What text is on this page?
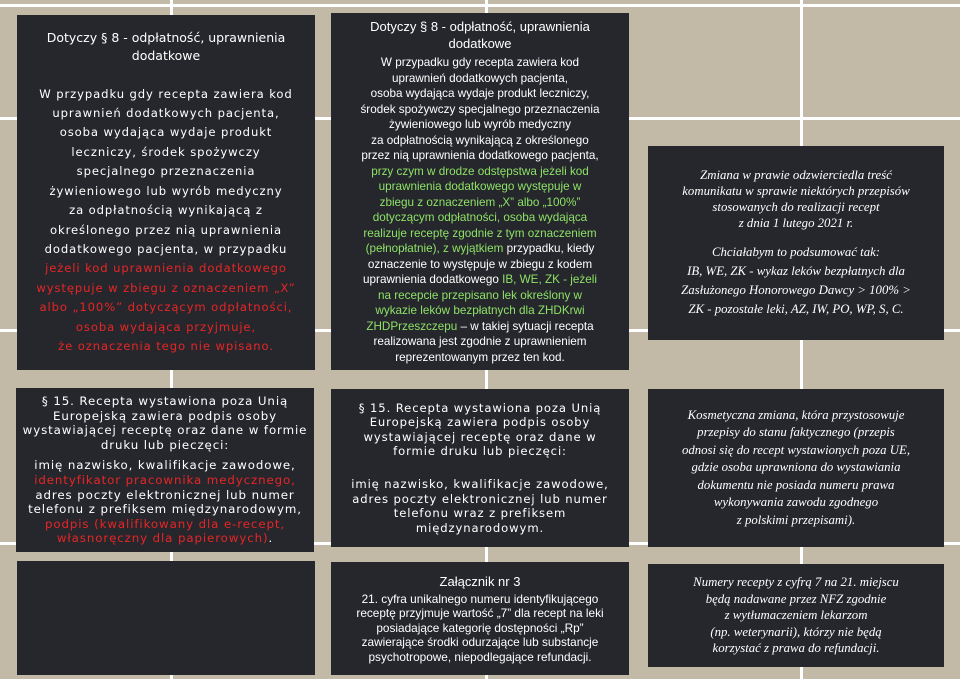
Dotyczy § 8 - odpłatność, uprawnienia
dodatkowe
W przypadku gdy recepta zawiera kod
uprawnień dodatkowych pacjenta,
osoba wydająca wydaje produkt
leczniczy, środek spożywczy
specjalnego przeznaczenia
żywieniowego lub wyrób medyczny
za odpłatnością wynikającą z
określonego przez nią uprawnienia
dodatkowego pacjenta, w przypadku
jeżeli kod uprawnienia dodatkowego
występuje w zbiegu z oznaczeniem „X”
albo „100%” dotyczącym odpłatności,
osoba wydająca przyjmuje,
że oznaczenia tego nie wpisano.
Dotyczy § 8 - odpłatność, uprawnienia
dodatkowe
W przypadku gdy recepta zawiera kod
uprawnień dodatkowych pacjenta,
osoba wydająca wydaje produkt leczniczy,
środek spożywczy specjalnego przeznaczenia
żywieniowego lub wyrób medyczny
za odpłatnością wynikającą z określonego
przez nią uprawnienia dodatkowego pacjenta,
przy czym w drodze odstępstwa jeżeli kod
uprawnienia dodatkowego występuje w
zbiegu z oznaczeniem „X” albo „100%”
dotyczącym odpłatności, osoba wydająca
realizuje receptę zgodnie z tym oznaczeniem
(pełnopłatnie), z wyjątkiem przypadku, kiedy
oznaczenie to występuje w zbiegu z kodem
uprawnienia dodatkowego IB, WE, ZK - jeżeli
na recepcie przepisano lek określony w
wykazie leków bezpłatnych dla ZHDKrwi
ZHDPrzeszczepu – w takiej sytuacji recepta
realizowana jest zgodnie z uprawnieniem
reprezentowanym przez ten kod.
Zmiana w prawie odzwierciedla treść
komunikatu w sprawie niektórych przepisów
stosowanych do realizacji recept
z dnia 1 lutego 2021 r.
Chciałabym to podsumować tak:
IB, WE, ZK - wykaz leków bezpłatnych dla
Zasłużonego Honorowego Dawcy > 100% >
ZK - pozostałe leki, AZ, IW, PO, WP, S, C.
§ 15. Recepta wystawiona poza Unią
Europejską zawiera podpis osoby
wystawiającej receptę oraz dane w formie
druku lub pieczęci:
imię nazwisko, kwalifikacje zawodowe,
identyfikator pracownika medycznego,
adres poczty elektronicznej lub numer
telefonu z prefiksem międzynarodowym,
podpis (kwalifikowany dla e-recept,
własnoręczny dla papierowych).
§ 15. Recepta wystawiona poza Unią
Europejską zawiera podpis osoby
wystawiającej receptę oraz dane w
formie druku lub pieczęci:
imię nazwisko, kwalifikacje zawodowe,
adres poczty elektronicznej lub numer
telefonu wraz z prefiksem
międzynarodowym.
Kosmetyczna zmiana, która przystosowuje
przepisy do stanu faktycznego (przepis
odnosi się do recept wystawionych poza UE,
gdzie osoba uprawniona do wystawiania
dokumentu nie posiada numeru prawa
wykonywania zawodu zgodnego
z polskimi przepisami).
Załącznik nr 3
21. cyfra unikalnego numeru identyfikującego
receptę przyjmuje wartość „7” dla recept na leki
posiadające kategorię dostępności „Rp”
zawierające środki odurzające lub substancje
psychotropowe, niepodlegające refundacji.
Numery recepty z cyfrą 7 na 21. miejscu
będą nadawane przez NFZ zgodnie
z wytłumaczeniem lekarzom
(np. weterynarii), którzy nie będą
korzystać z prawa do refundacji.
